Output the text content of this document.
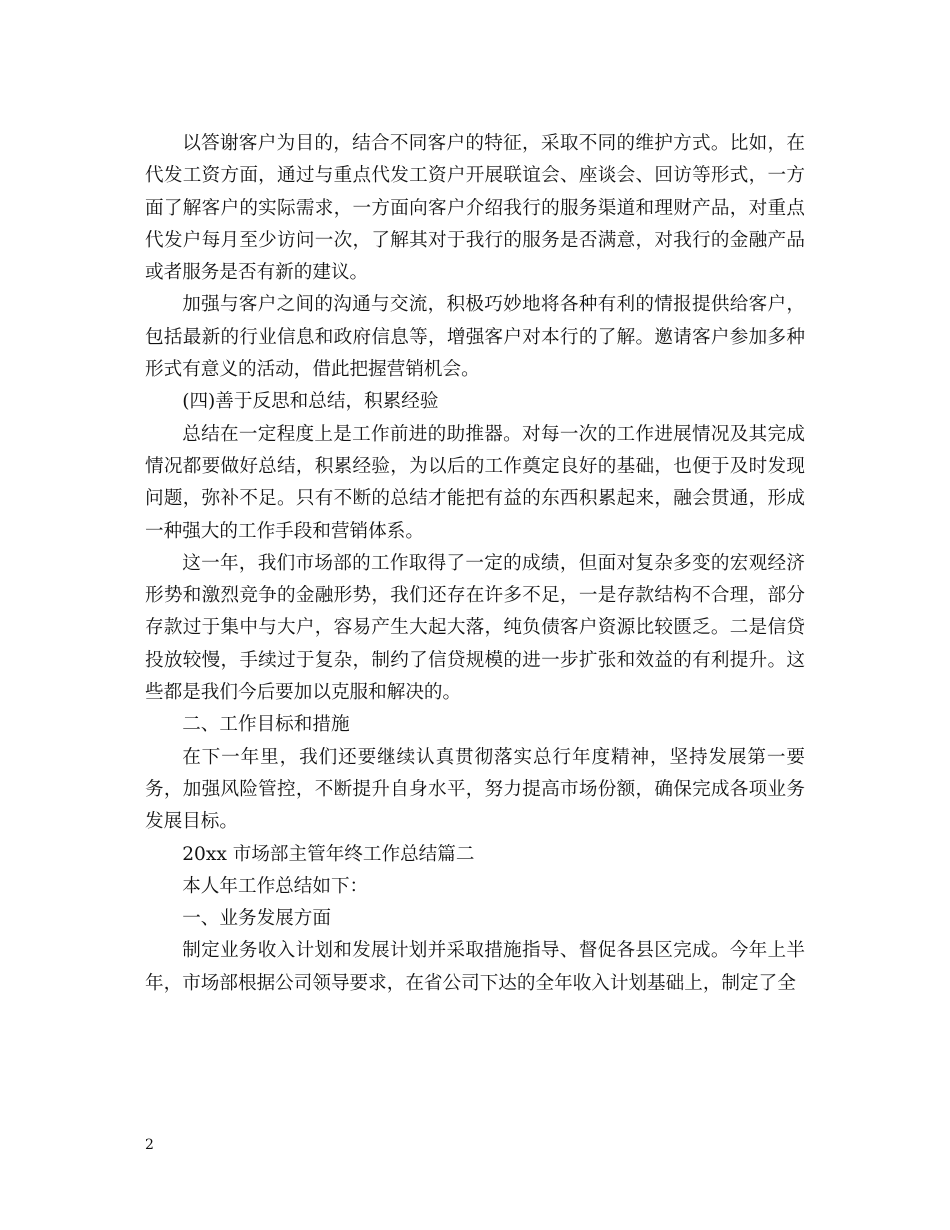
以答谢客户为目的，结合不同客户的特征，采取不同的维护方式。比如，在代发工资方面，通过与重点代发工资户开展联谊会、座谈会、回访等形式，一方面了解客户的实际需求，一方面向客户介绍我行的服务渠道和理财产品，对重点代发户每月至少访问一次，了解其对于我行的服务是否满意，对我行的金融产品或者服务是否有新的建议。

加强与客户之间的沟通与交流，积极巧妙地将各种有利的情报提供给客户，包括最新的行业信息和政府信息等，增强客户对本行的了解。邀请客户参加多种形式有意义的活动，借此把握营销机会。

(四)善于反思和总结，积累经验

总结在一定程度上是工作前进的助推器。对每一次的工作进展情况及其完成情况都要做好总结，积累经验，为以后的工作奠定良好的基础，也便于及时发现问题，弥补不足。只有不断的总结才能把有益的东西积累起来，融会贯通，形成一种强大的工作手段和营销体系。

这一年，我们市场部的工作取得了一定的成绩，但面对复杂多变的宏观经济形势和激烈竞争的金融形势，我们还存在许多不足，一是存款结构不合理，部分存款过于集中与大户，容易产生大起大落，纯负债客户资源比较匮乏。二是信贷投放较慢，手续过于复杂，制约了信贷规模的进一步扩张和效益的有利提升。这些都是我们今后要加以克服和解决的。

二、工作目标和措施

在下一年里，我们还要继续认真贯彻落实总行年度精神，坚持发展第一要务，加强风险管控，不断提升自身水平，努力提高市场份额，确保完成各项业务发展目标。

20xx 市场部主管年终工作总结篇二

本人年工作总结如下：

一、业务发展方面

制定业务收入计划和发展计划并采取措施指导、督促各县区完成。今年上半年，市场部根据公司领导要求，在省公司下达的全年收入计划基础上，制定了全

2
